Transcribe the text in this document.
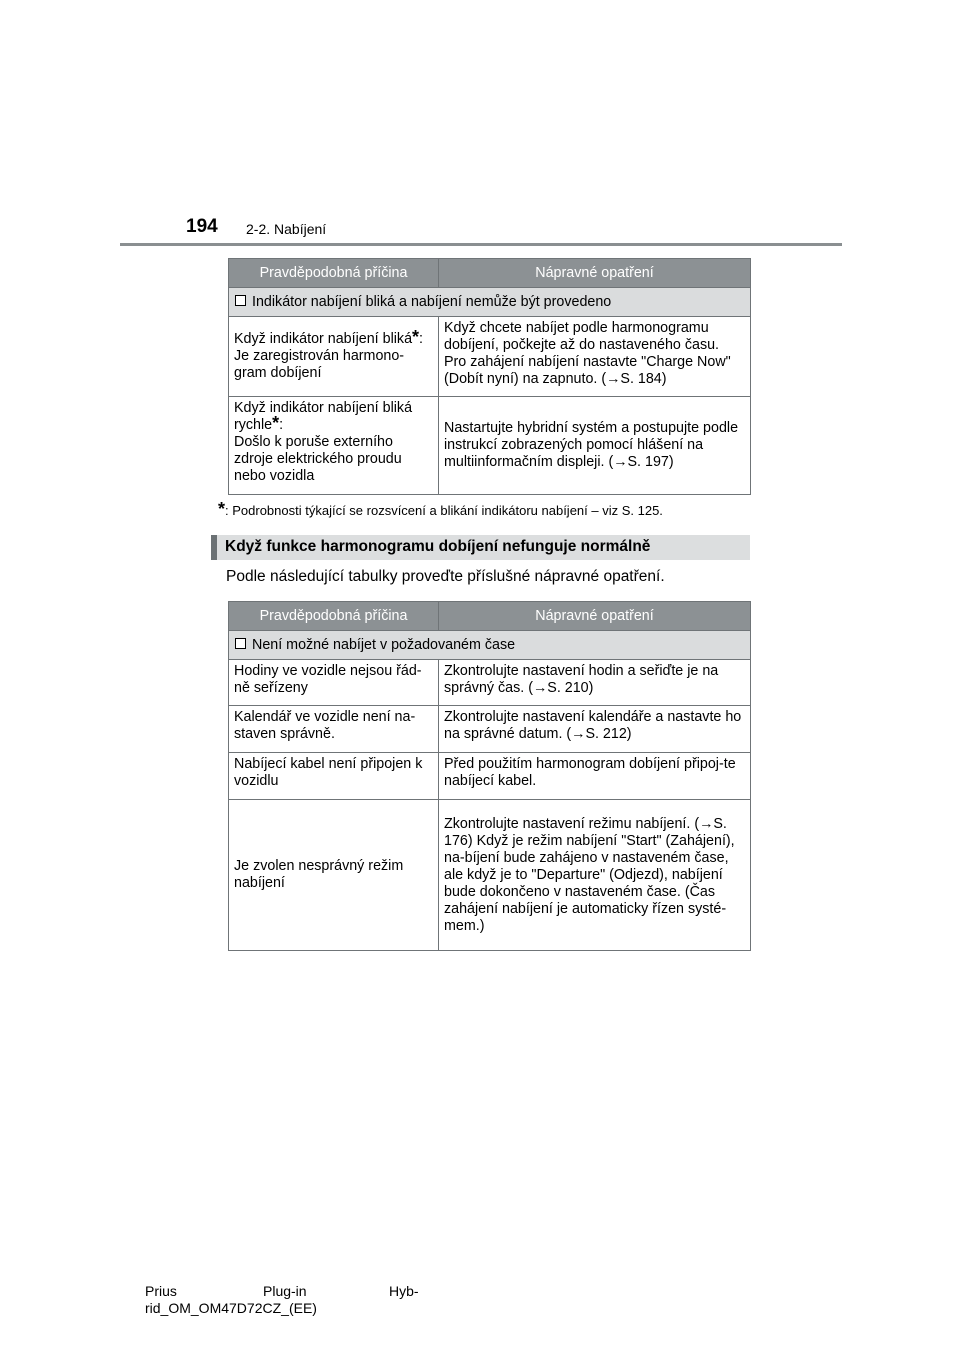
194 2-2. Nabíjení
Pravděpodobná příčina	Nápravné opatření
Indikátor nabíjení bliká a nabíjení nemůže být provedeno	
Když indikátor nabíjení bliká*:
Je zaregistrován harmono-
gram dobíjení	Když chcete nabíjet podle harmonogramu dobíjení, počkejte až do nastaveného času. Pro zahájení nabíjení nastavte "Charge Now" (Dobít nyní) na zapnuto. (→S. 184)
Když indikátor nabíjení bliká rychle*:
Došlo k poruše externího zdroje elektrického proudu nebo vozidla	Nastartujte hybridní systém a postupujte podle instrukcí zobrazených pomocí hlášení na multiinformačním displeji. (→S. 197)
*: Podrobnosti týkající se rozsvícení a blikání indikátoru nabíjení – viz S. 125.
Když funkce harmonogramu dobíjení nefunguje normálně
Podle následující tabulky proveďte příslušné nápravné opatření.
Pravděpodobná příčina	Nápravné opatření
Není možné nabíjet v požadovaném čase	
Hodiny ve vozidle nejsou řád-ně seřízeny	Zkontrolujte nastavení hodin a seřiďte je na správný čas. (→S. 210)
Kalendář ve vozidle není na-staven správně.	Zkontrolujte nastavení kalendáře a nastavte ho na správné datum. (→S. 212)
Nabíjecí kabel není připojen k vozidlu	Před použitím harmonogram dobíjení připoj-te nabíjecí kabel.
Je zvolen nesprávný režim nabíjení	Zkontrolujte nastavení režimu nabíjení. (→S. 176) Když je režim nabíjení "Start" (Zahájení), na-bíjení bude zahájeno v nastaveném čase, ale když je to "Departure" (Odjezd), nabíjení bude dokončeno v nastaveném čase. (Čas zahájení nabíjení je automaticky řízen systé-mem.)
Prius	Plug-in	Hyb-
rid_OM_OM47D72CZ_(EE)
